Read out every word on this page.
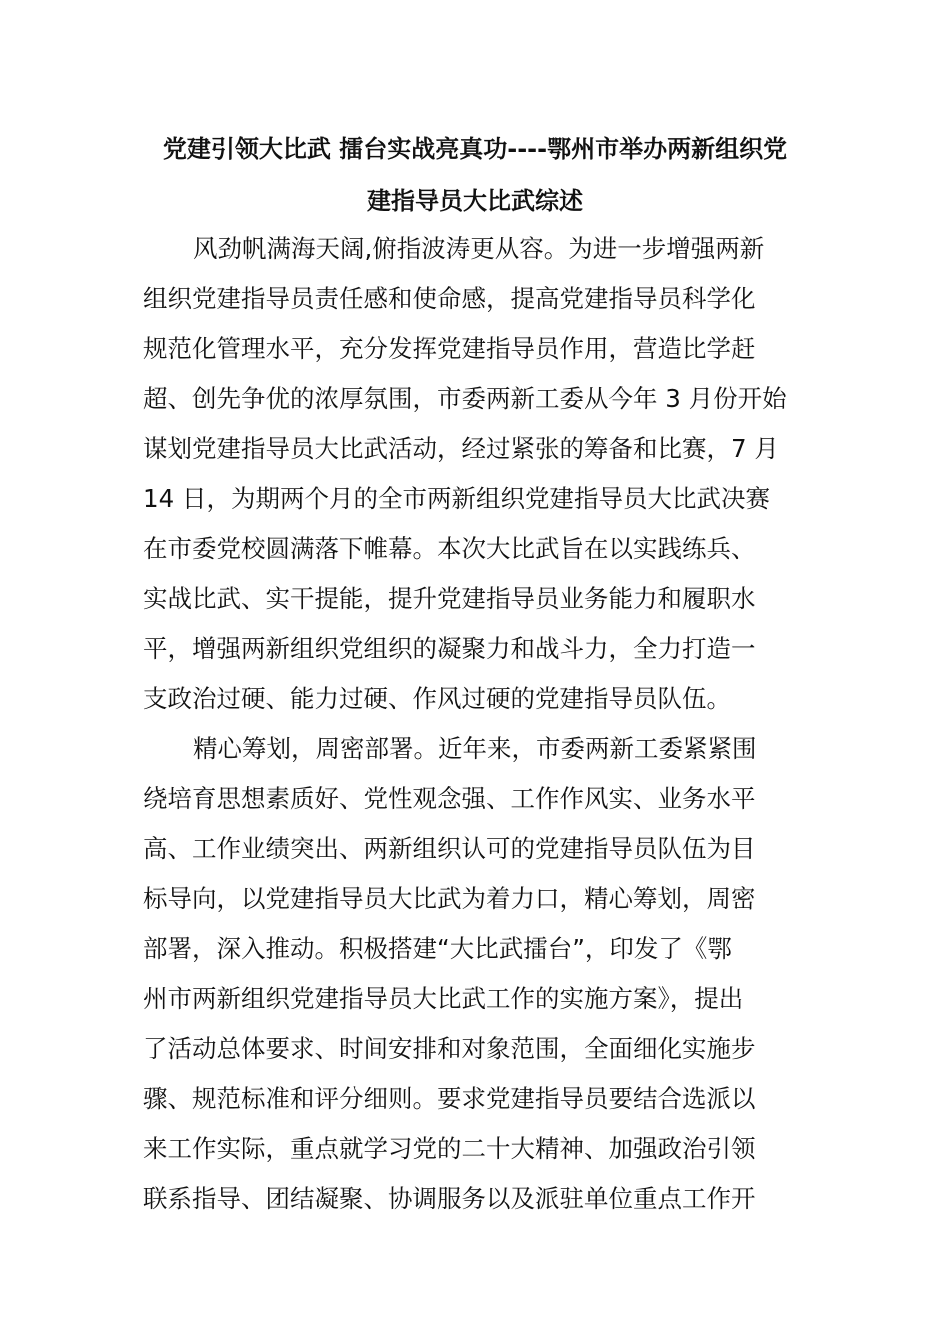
党建引领大比武 擂台实战亮真功----鄂州市举办两新组织党
建指导员大比武综述
风劲帆满海天阔,俯指波涛更从容。为进一步增强两新
组织党建指导员责任感和使命感，提高党建指导员科学化
规范化管理水平，充分发挥党建指导员作用，营造比学赶
超、创先争优的浓厚氛围，市委两新工委从今年 3 月份开始
谋划党建指导员大比武活动，经过紧张的筹备和比赛，7 月
14 日，为期两个月的全市两新组织党建指导员大比武决赛
在市委党校圆满落下帷幕。本次大比武旨在以实践练兵、
实战比武、实干提能，提升党建指导员业务能力和履职水
平，增强两新组织党组织的凝聚力和战斗力，全力打造一
支政治过硬、能力过硬、作风过硬的党建指导员队伍。
精心筹划，周密部署。近年来，市委两新工委紧紧围
绕培育思想素质好、党性观念强、工作作风实、业务水平
高、工作业绩突出、两新组织认可的党建指导员队伍为目
标导向，以党建指导员大比武为着力口，精心筹划，周密
部署，深入推动。积极搭建“大比武擂台”，印发了《鄂
州市两新组织党建指导员大比武工作的实施方案》，提出
了活动总体要求、时间安排和对象范围，全面细化实施步
骤、规范标准和评分细则。要求党建指导员要结合选派以
来工作实际，重点就学习党的二十大精神、加强政治引领
联系指导、团结凝聚、协调服务以及派驻单位重点工作开
